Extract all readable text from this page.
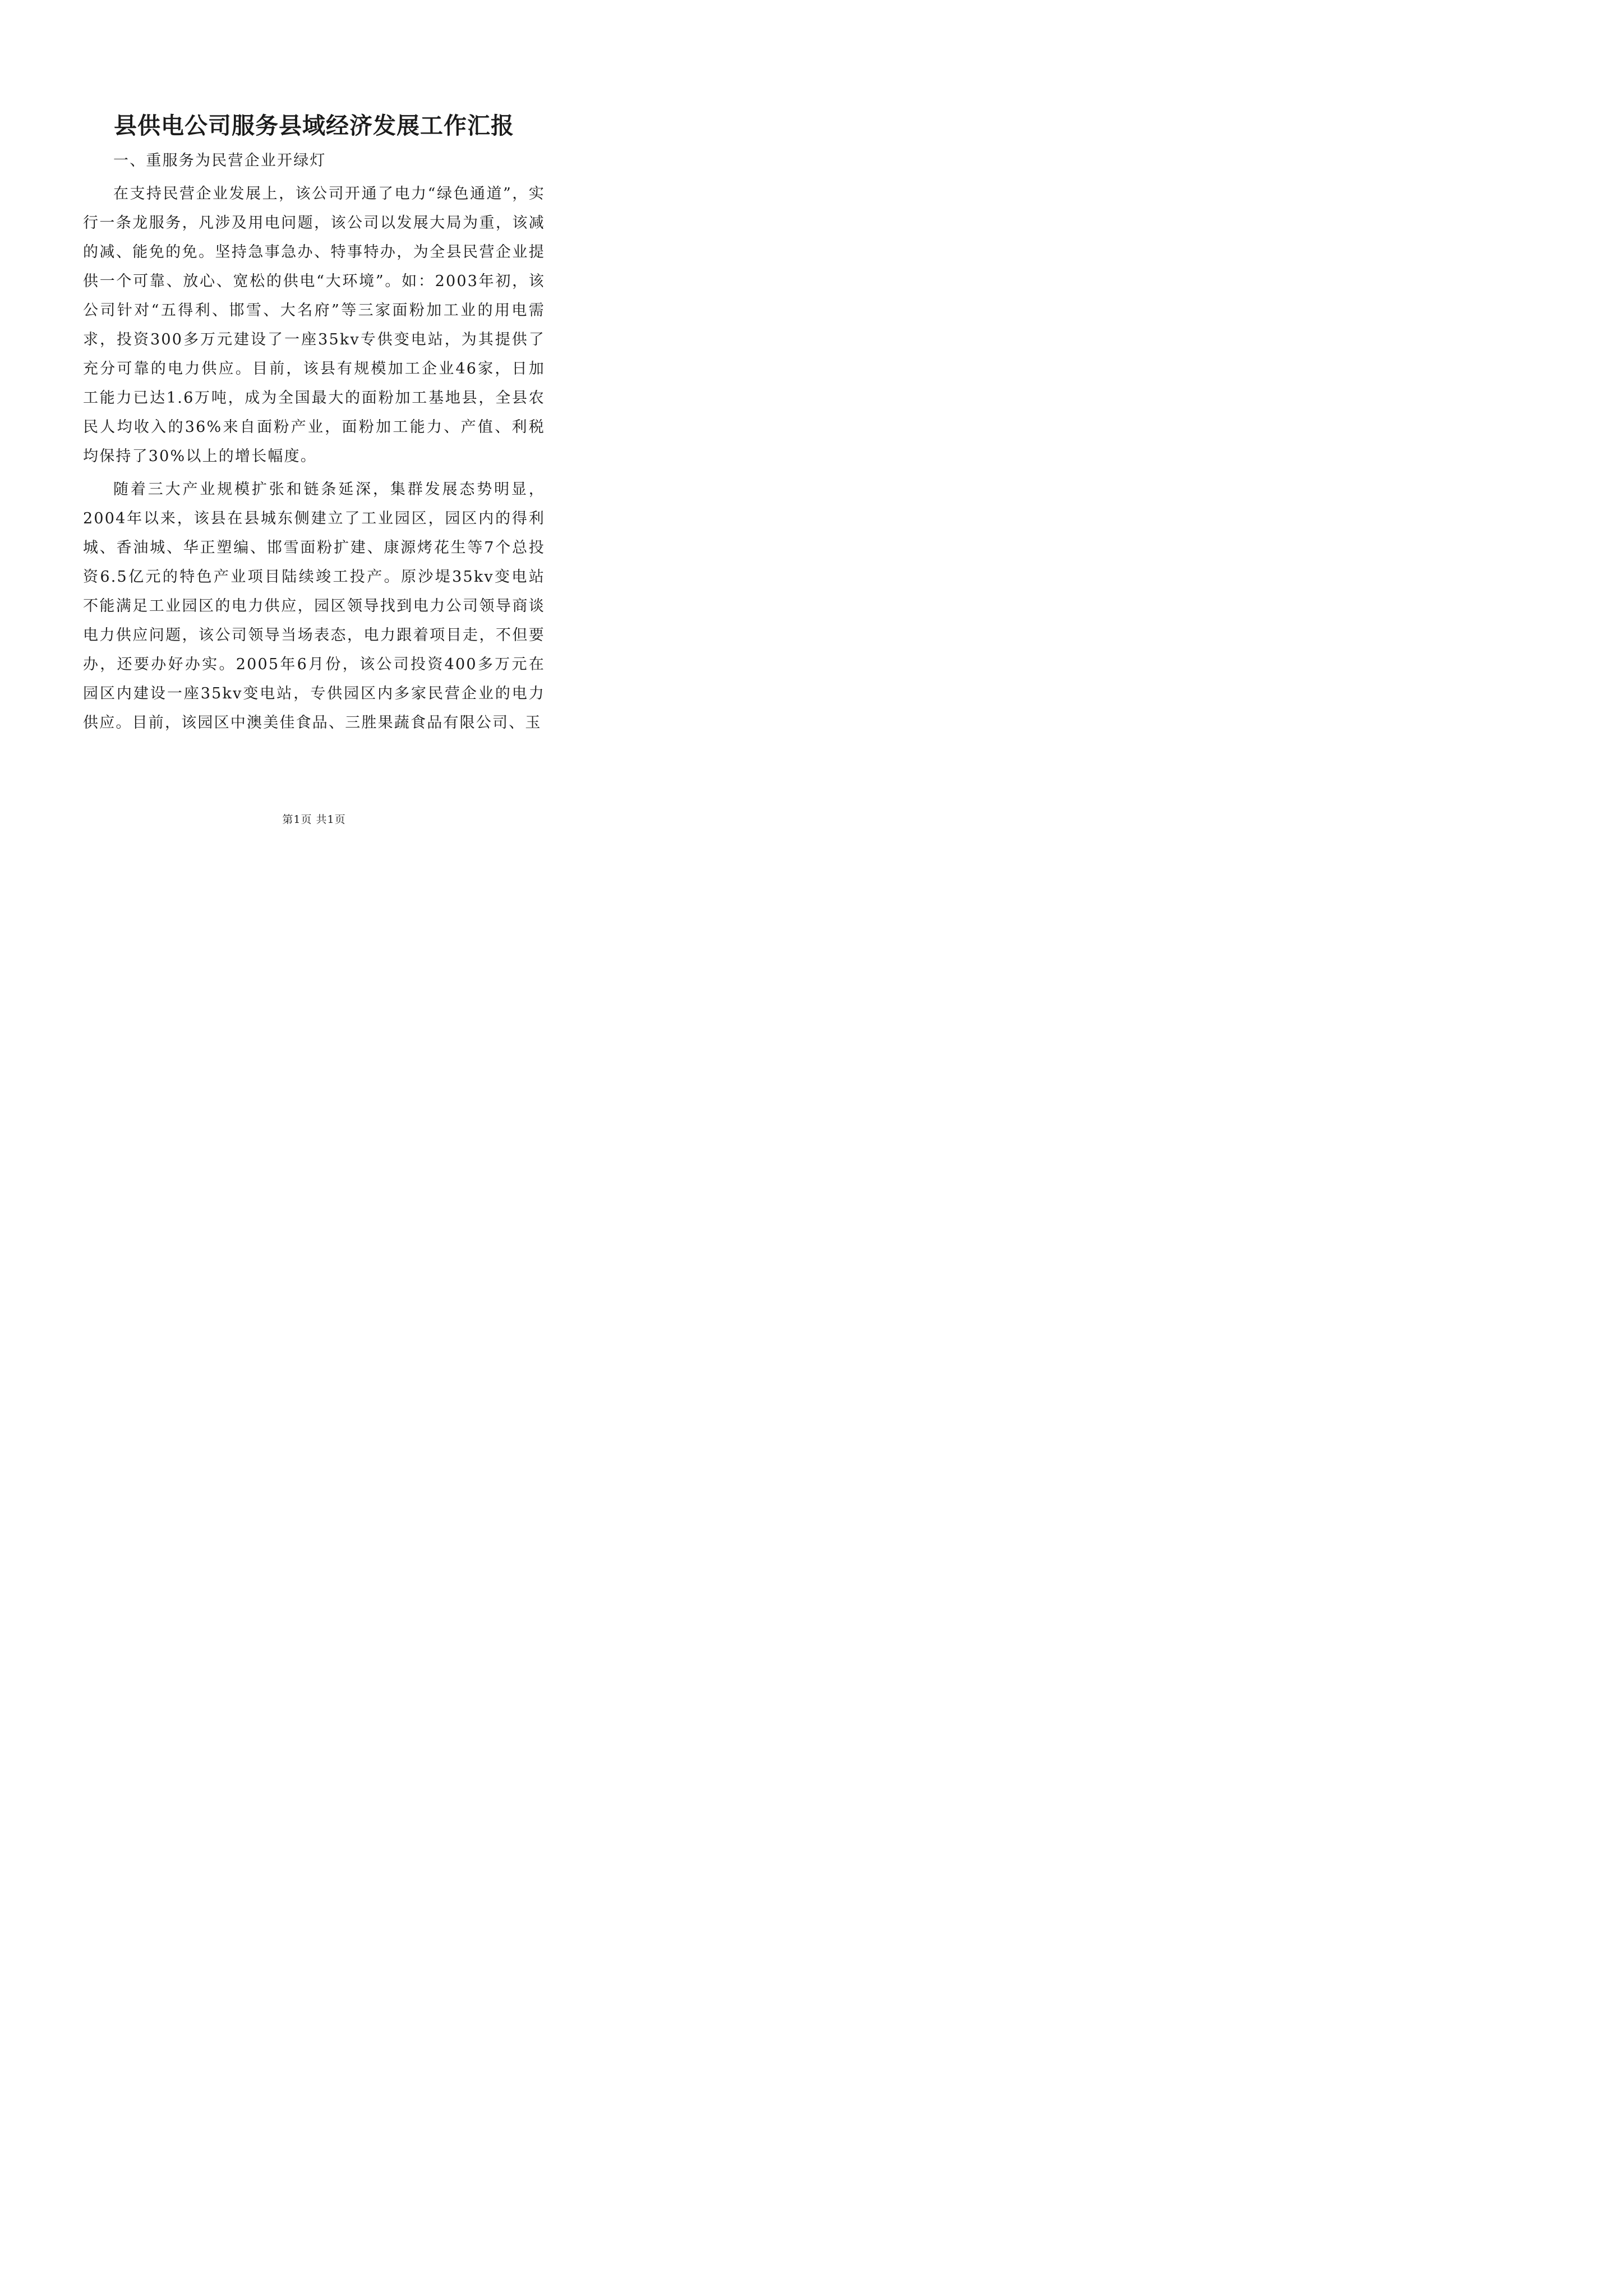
县供电公司服务县域经济发展工作汇报

一、重服务为民营企业开绿灯

在支持民营企业发展上，该公司开通了电力“绿色通道”，实行一条龙服务，凡涉及用电问题，该公司以发展大局为重，该减的减、能免的免。坚持急事急办、特事特办，为全县民营企业提供一个可靠、放心、宽松的供电“大环境”。如：2003年初，该公司针对“五得利、邯雪、大名府”等三家面粉加工业的用电需求，投资300多万元建设了一座35kv专供变电站，为其提供了充分可靠的电力供应。目前，该县有规模加工企业46家，日加工能力已达1.6万吨，成为全国最大的面粉加工基地县，全县农民人均收入的36%来自面粉产业，面粉加工能力、产值、利税均保持了30%以上的增长幅度。

随着三大产业规模扩张和链条延深，集群发展态势明显，2004年以来，该县在县城东侧建立了工业园区，园区内的得利城、香油城、华正塑编、邯雪面粉扩建、康源烤花生等7个总投资6.5亿元的特色产业项目陆续竣工投产。原沙堤35kv变电站不能满足工业园区的电力供应，园区领导找到电力公司领导商谈电力供应问题，该公司领导当场表态，电力跟着项目走，不但要办，还要办好办实。2005年6月份，该公司投资400多万元在园区内建设一座35kv变电站，专供园区内多家民营企业的电力供应。目前，该园区中澳美佳食品、三胜果蔬食品有限公司、玉

第1页 共1页
